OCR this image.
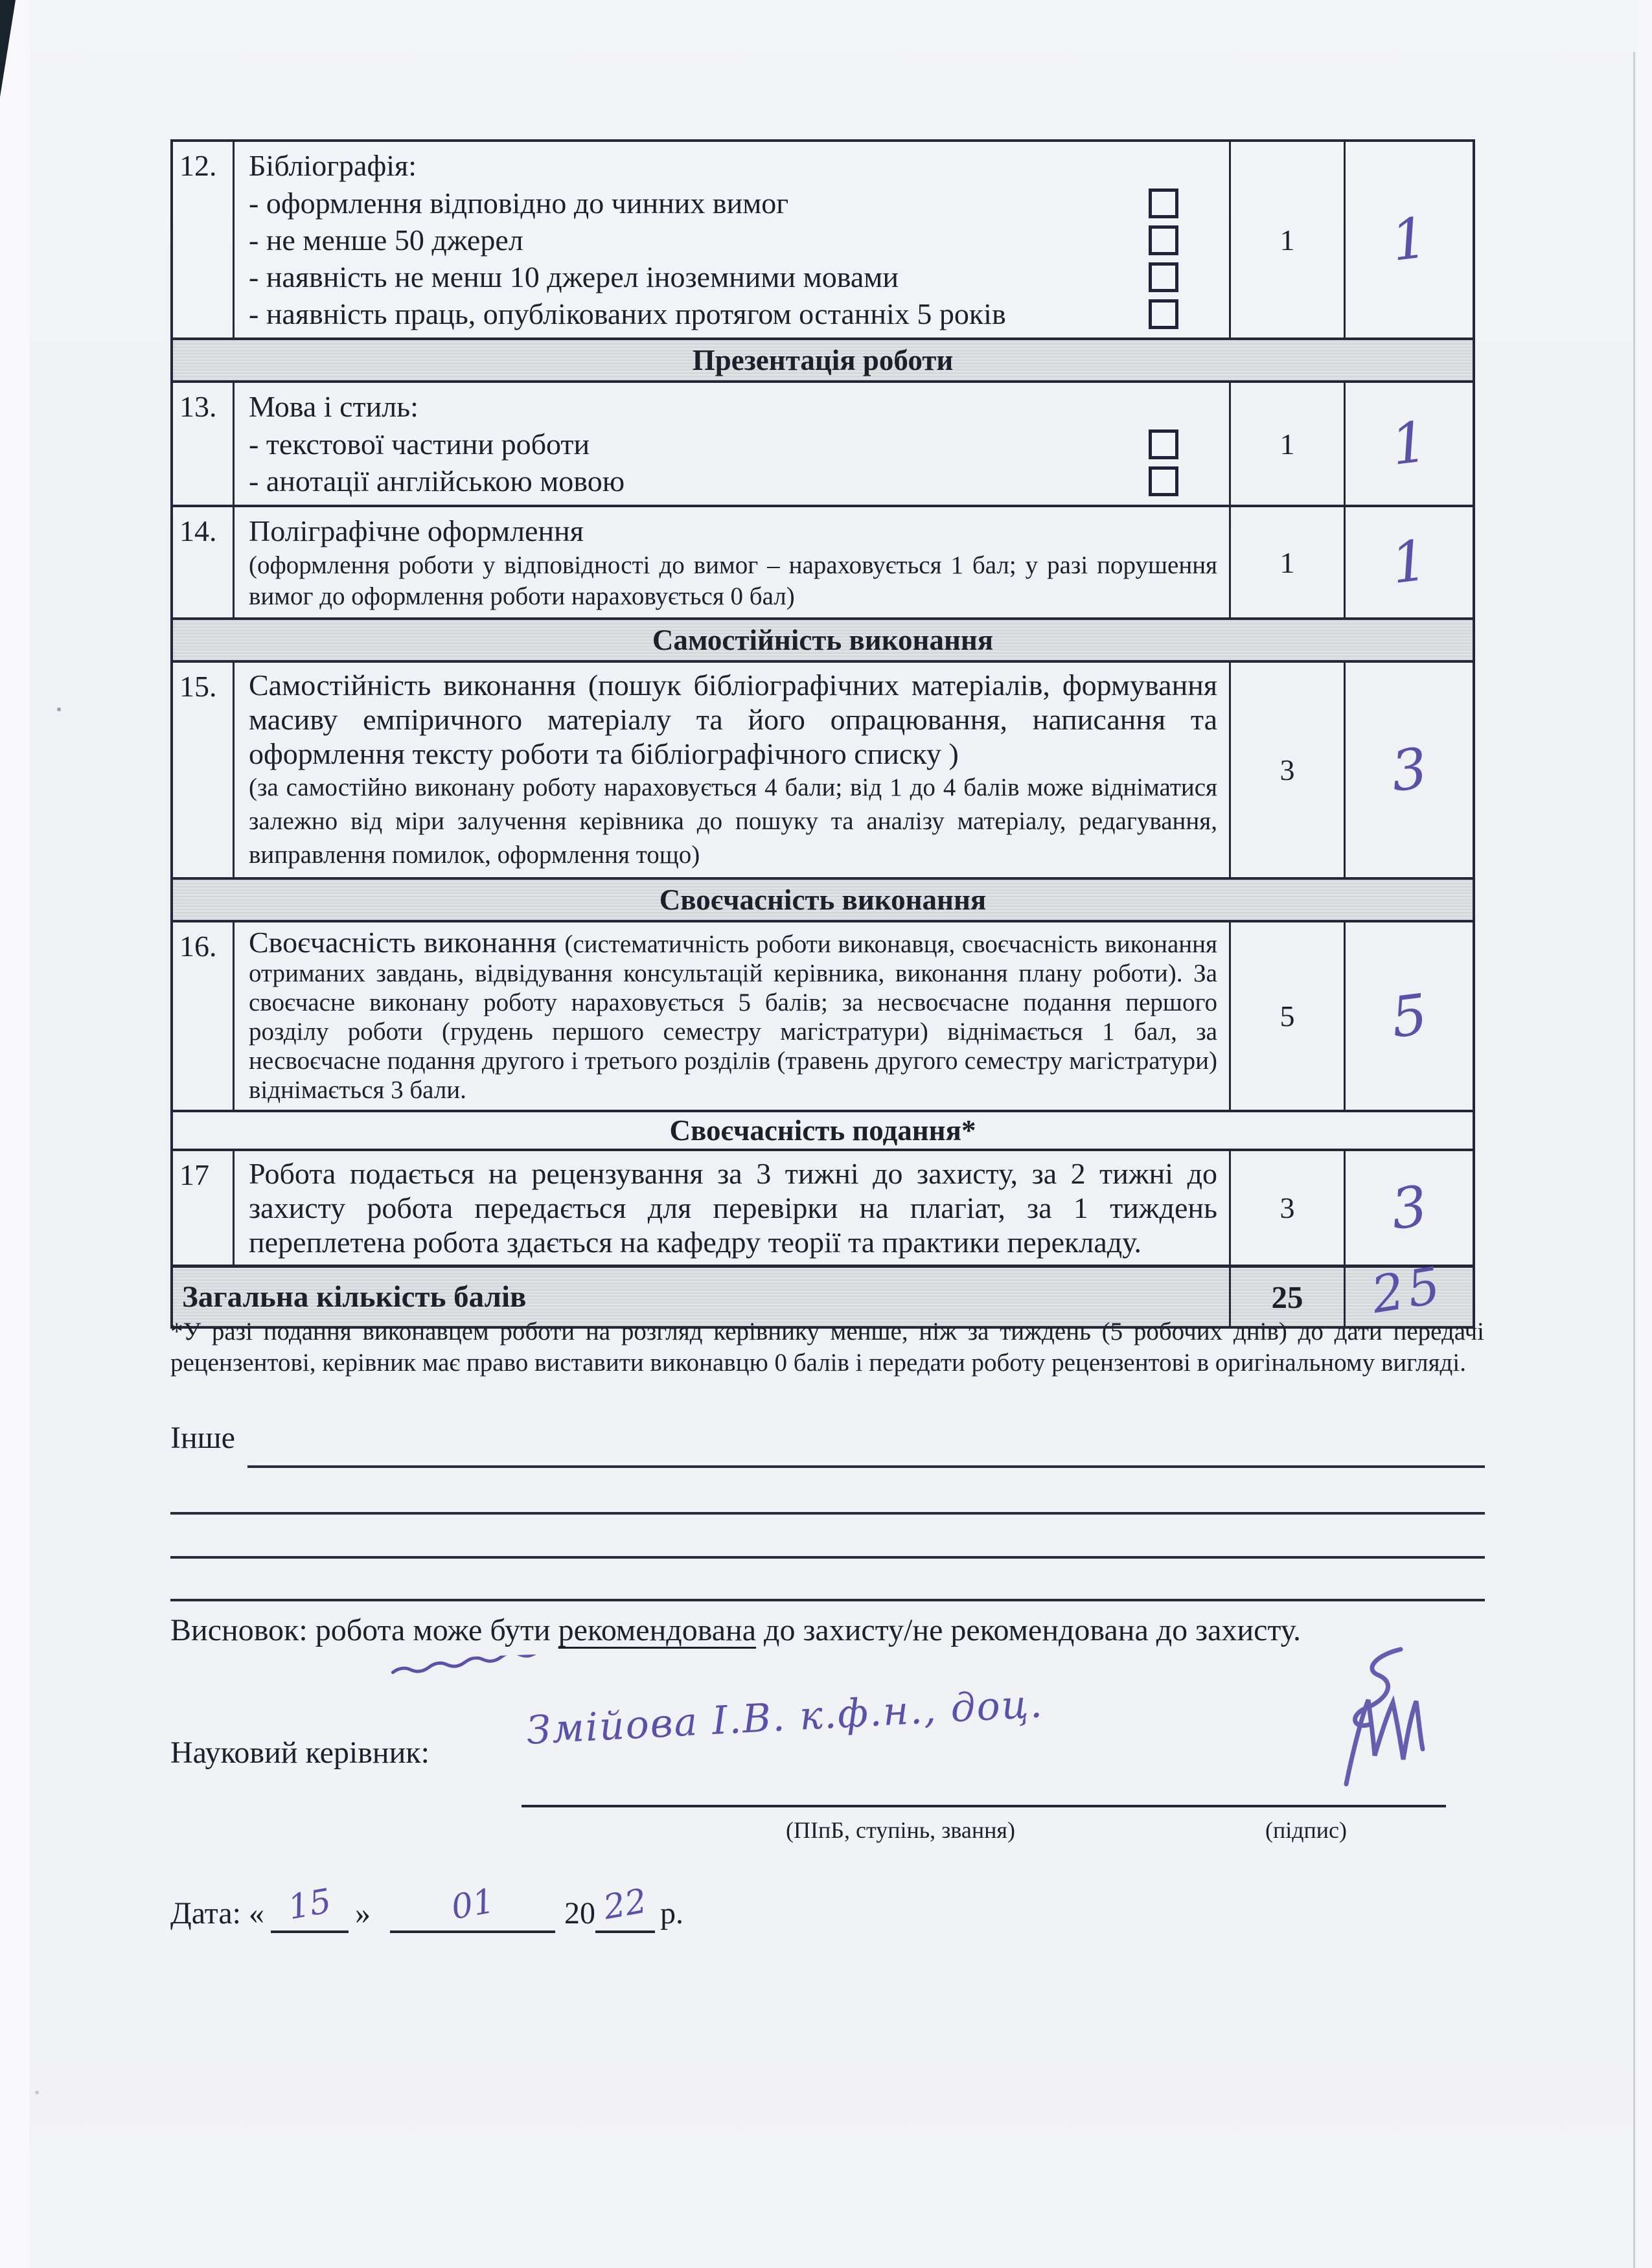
12.	Бібліографія:
- оформлення відповідно до чинних вимог
- не менше 50 джерел
- наявність не менш 10 джерел іноземними мовами
- наявність праць, опублікованих протягом останніх 5 років
1	1
Презентація роботи
13.	Мова і стиль:
- текстової частини роботи
- анотації англійською мовою
1	1
14.	Поліграфічне оформлення
(оформлення роботи у відповідності до вимог – нараховується 1 бал; у разі порушення вимог до оформлення роботи нараховується 0 бал)
1	1
Самостійність виконання
15.	Самостійність виконання (пошук бібліографічних матеріалів, формування масиву емпіричного матеріалу та його опрацювання, написання та оформлення тексту роботи та бібліографічного списку )
(за самостійно виконану роботу нараховується 4 бали; від 1 до 4 балів може відніматися залежно від міри залучення керівника до пошуку та аналізу матеріалу, редагування, виправлення помилок, оформлення тощо)
3	3
Своєчасність виконання
16.	Своєчасність виконання (систематичність роботи виконавця, своєчасність виконання отриманих завдань, відвідування консультацій керівника, виконання плану роботи). За своєчасне виконану роботу нараховується 5 балів; за несвоєчасне подання першого розділу роботи (грудень першого семестру магістратури) віднімається 1 бал, за несвоєчасне подання другого і третього розділів (травень другого семестру магістратури) віднімається 3 бали.
5	5
Своєчасність подання*
17	Робота подається на рецензування за 3 тижні до захисту, за 2 тижні до захисту робота передається для перевірки на плагіат, за 1 тиждень переплетена робота здається на кафедру теорії та практики перекладу.
3	3
Загальна кількість балів	25	25
*У разі подання виконавцем роботи на розгляд керівнику менше, ніж за тиждень (5 робочих днів) до дати передачі рецензентові, керівник має право виставити виконавцю 0 балів і передати роботу рецензентові в оригінальному вигляді.
Інше
Висновок: робота може бути рекомендована
до захисту/не рекомендована до захисту.
Науковий керівник: Змійова І.В. к.ф.н., доц.
(ПІпБ, ступінь, звання)	(підпис)
Дата: « 15 » 01 20 22 р.
